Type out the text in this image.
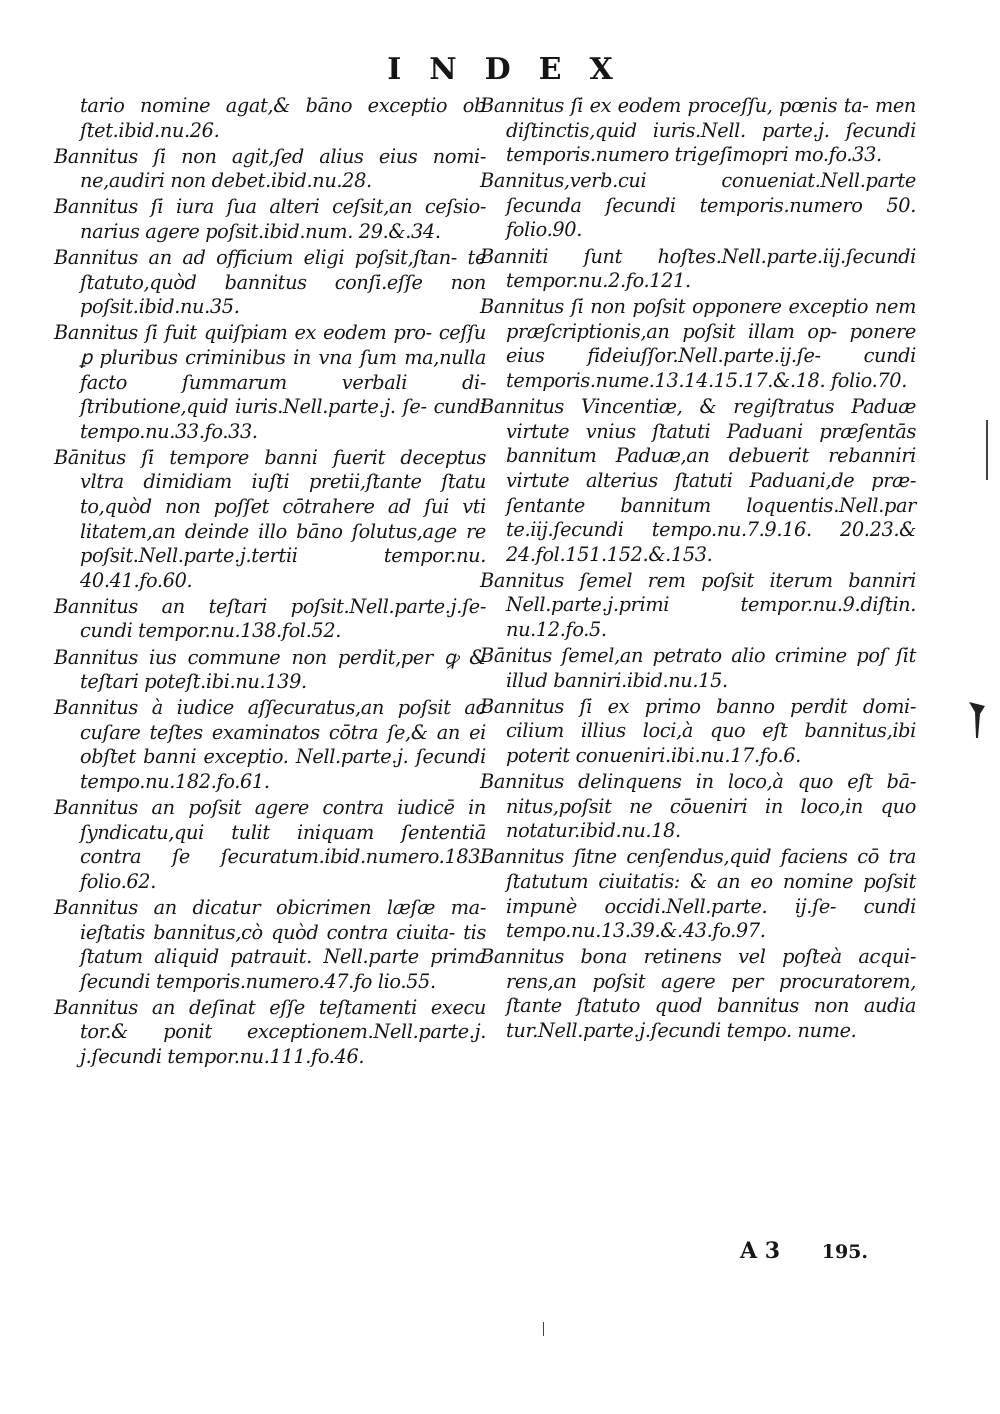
INDEX

tario nomine agat,& bāno exceptio ob ſtet.ibid.nu.26.

Bannitus ſi non agit,ſed alius eius nomi- ne,audiri non debet.ibid.nu.28.

Bannitus ſi iura ſua alteri ceſsit,an ceſsio- narius agere poſsit.ibid.num. 29.&.34.

Bannitus an ad officium eligi poſsit,ſtan- te ſtatuto,quòd bannitus conſi.eſſe non poſsit.ibid.nu.35.

Bannitus ſi fuit quiſpiam ex eodem pro- ceſſu ꝑ pluribus criminibus in vna ſum ma,nulla facto ſummarum verbali di- ſtributione,quid iuris.Nell.parte.j. ſe- cundi tempo.nu.33.fo.33.

Bānitus ſi tempore banni fuerit deceptus vltra dimidiam iuſti pretii,ſtante ſtatu to,quòd non poſſet cōtrahere ad ſui vti litatem,an deinde illo bāno ſolutus,age re poſsit.Nell.parte.j.tertii tempor.nu. 40.41.fo.60.

Bannitus an teſtari poſsit.Nell.parte.j.ſe- cundi tempor.nu.138.fol.52.

Bannitus ius commune non perdit,per ꝙ & teſtari poteſt.ibi.nu.139.

Bannitus à iudice aſſecuratus,an poſsit ac cuſare teſtes examinatos cōtra ſe,& an ei obſtet banni exceptio. Nell.parte.j. ſecundi tempo.nu.182.fo.61.

Bannitus an poſsit agere contra iudicē in ſyndicatu,qui tulit iniquam ſententiā contra ſe ſecuratum.ibid.numero.183. folio.62.

Bannitus an dicatur obicrimen læſæ ma- ieſtatis bannitus,cò quòd contra ciuita- tis ſtatum aliquid patrauit. Nell.parte prima ſecundi temporis.numero.47.fo lio.55.

Bannitus an deſinat eſſe teſtamenti execu tor.& ponit exceptionem.Nell.parte.j. j.ſecundi tempor.nu.111.fo.46.

Bannitus ſi ex eodem proceſſu, pœnis ta- men diſtinctis,quid iuris.Nell. parte.j. ſecundi temporis.numero trigeſimopri mo.fo.33.

Bannitus,verb.cui conueniat.Nell.parte ſecunda ſecundi temporis.numero 50. folio.90.

Banniti ſunt hoſtes.Nell.parte.iij.ſecundi tempor.nu.2.fo.121.

Bannitus ſi non poſsit opponere exceptio nem præſcriptionis,an poſsit illam op- ponere eius fideiuſſor.Nell.parte.ij.ſe- cundi temporis.nume.13.14.15.17.&.18. folio.70.

Bannitus Vincentiæ, & regiſtratus Paduæ virtute vnius ſtatuti Paduani præſentās bannitum Paduæ,an debuerit rebanniri virtute alterius ſtatuti Paduani,de præ- ſentante bannitum loquentis.Nell.par te.iij.ſecundi tempo.nu.7.9.16. 20.23.& 24.fol.151.152.&.153.

Bannitus ſemel rem poſsit iterum banniri Nell.parte.j.primi tempor.nu.9.diſtin. nu.12.fo.5.

Bānitus ſemel,an petrato alio crimine poſ ſit illud banniri.ibid.nu.15.

Bannitus ſi ex primo banno perdit domi- cilium illius loci,à quo eſt bannitus,ibi poterit conueniri.ibi.nu.17.fo.6.

Bannitus delinquens in loco,à quo eſt bā- nitus,poſsit ne cōueniri in loco,in quo notatur.ibid.nu.18.

Bannitus ſitne cenſendus,quid faciens cō tra ſtatutum ciuitatis: & an eo nomine poſsit impunè occidi.Nell.parte. ij.ſe- cundi tempo.nu.13.39.&.43.fo.97.

Bannitus bona retinens vel poſteà acqui- rens,an poſsit agere per procuratorem, ſtante ſtatuto quod bannitus non audia tur.Nell.parte.j.ſecundi tempo. nume.

A 3 195.
